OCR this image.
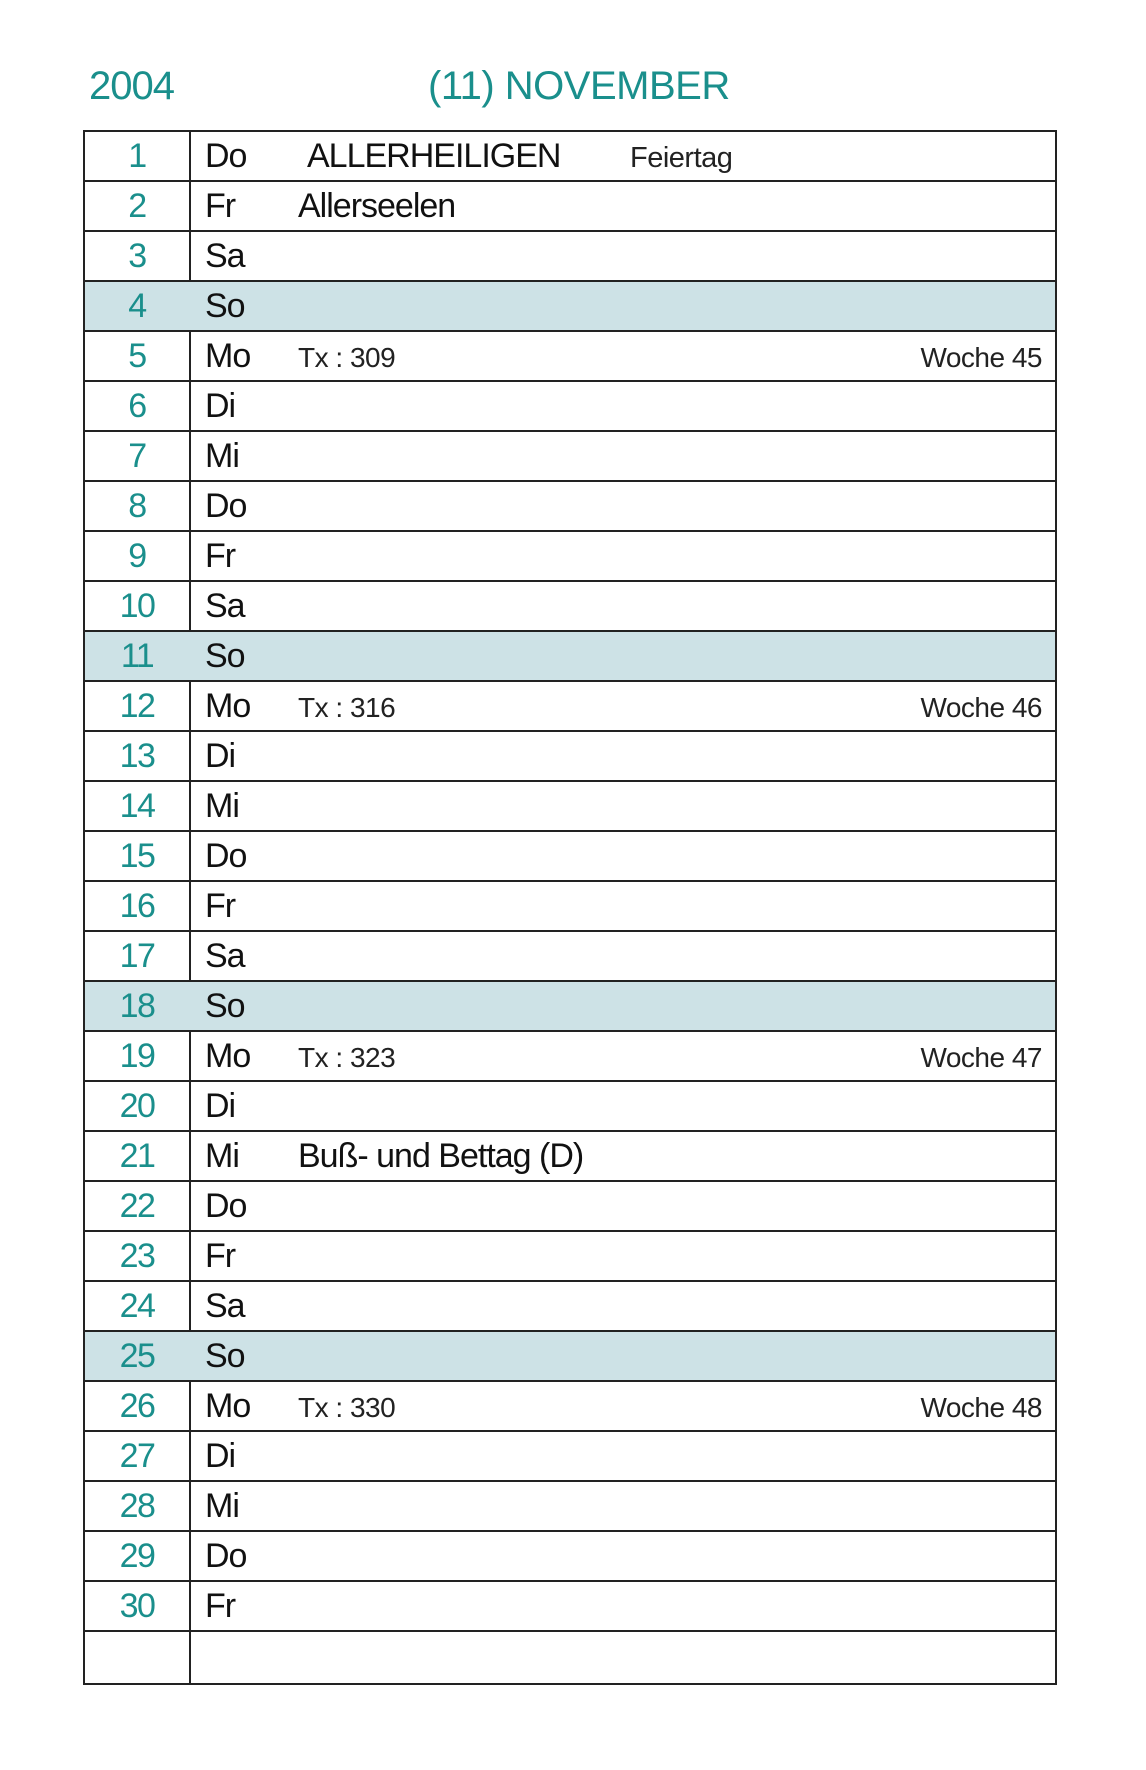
2004	(11) NOVEMBER
1	Do ALLERHEILIGEN Feiertag
2	Fr Allerseelen
3	Sa
4	So
5	Mo Tx : 309	Woche 45
6	Di
7	Mi
8	Do
9	Fr
10	Sa
11	So
12	Mo Tx : 316	Woche 46
13	Di
14	Mi
15	Do
16	Fr
17	Sa
18	So
19	Mo Tx : 323	Woche 47
20	Di
21	Mi Buß- und Bettag (D)
22	Do
23	Fr
24	Sa
25	So
26	Mo Tx : 330	Woche 48
27	Di
28	Mi
29	Do
30	Fr
